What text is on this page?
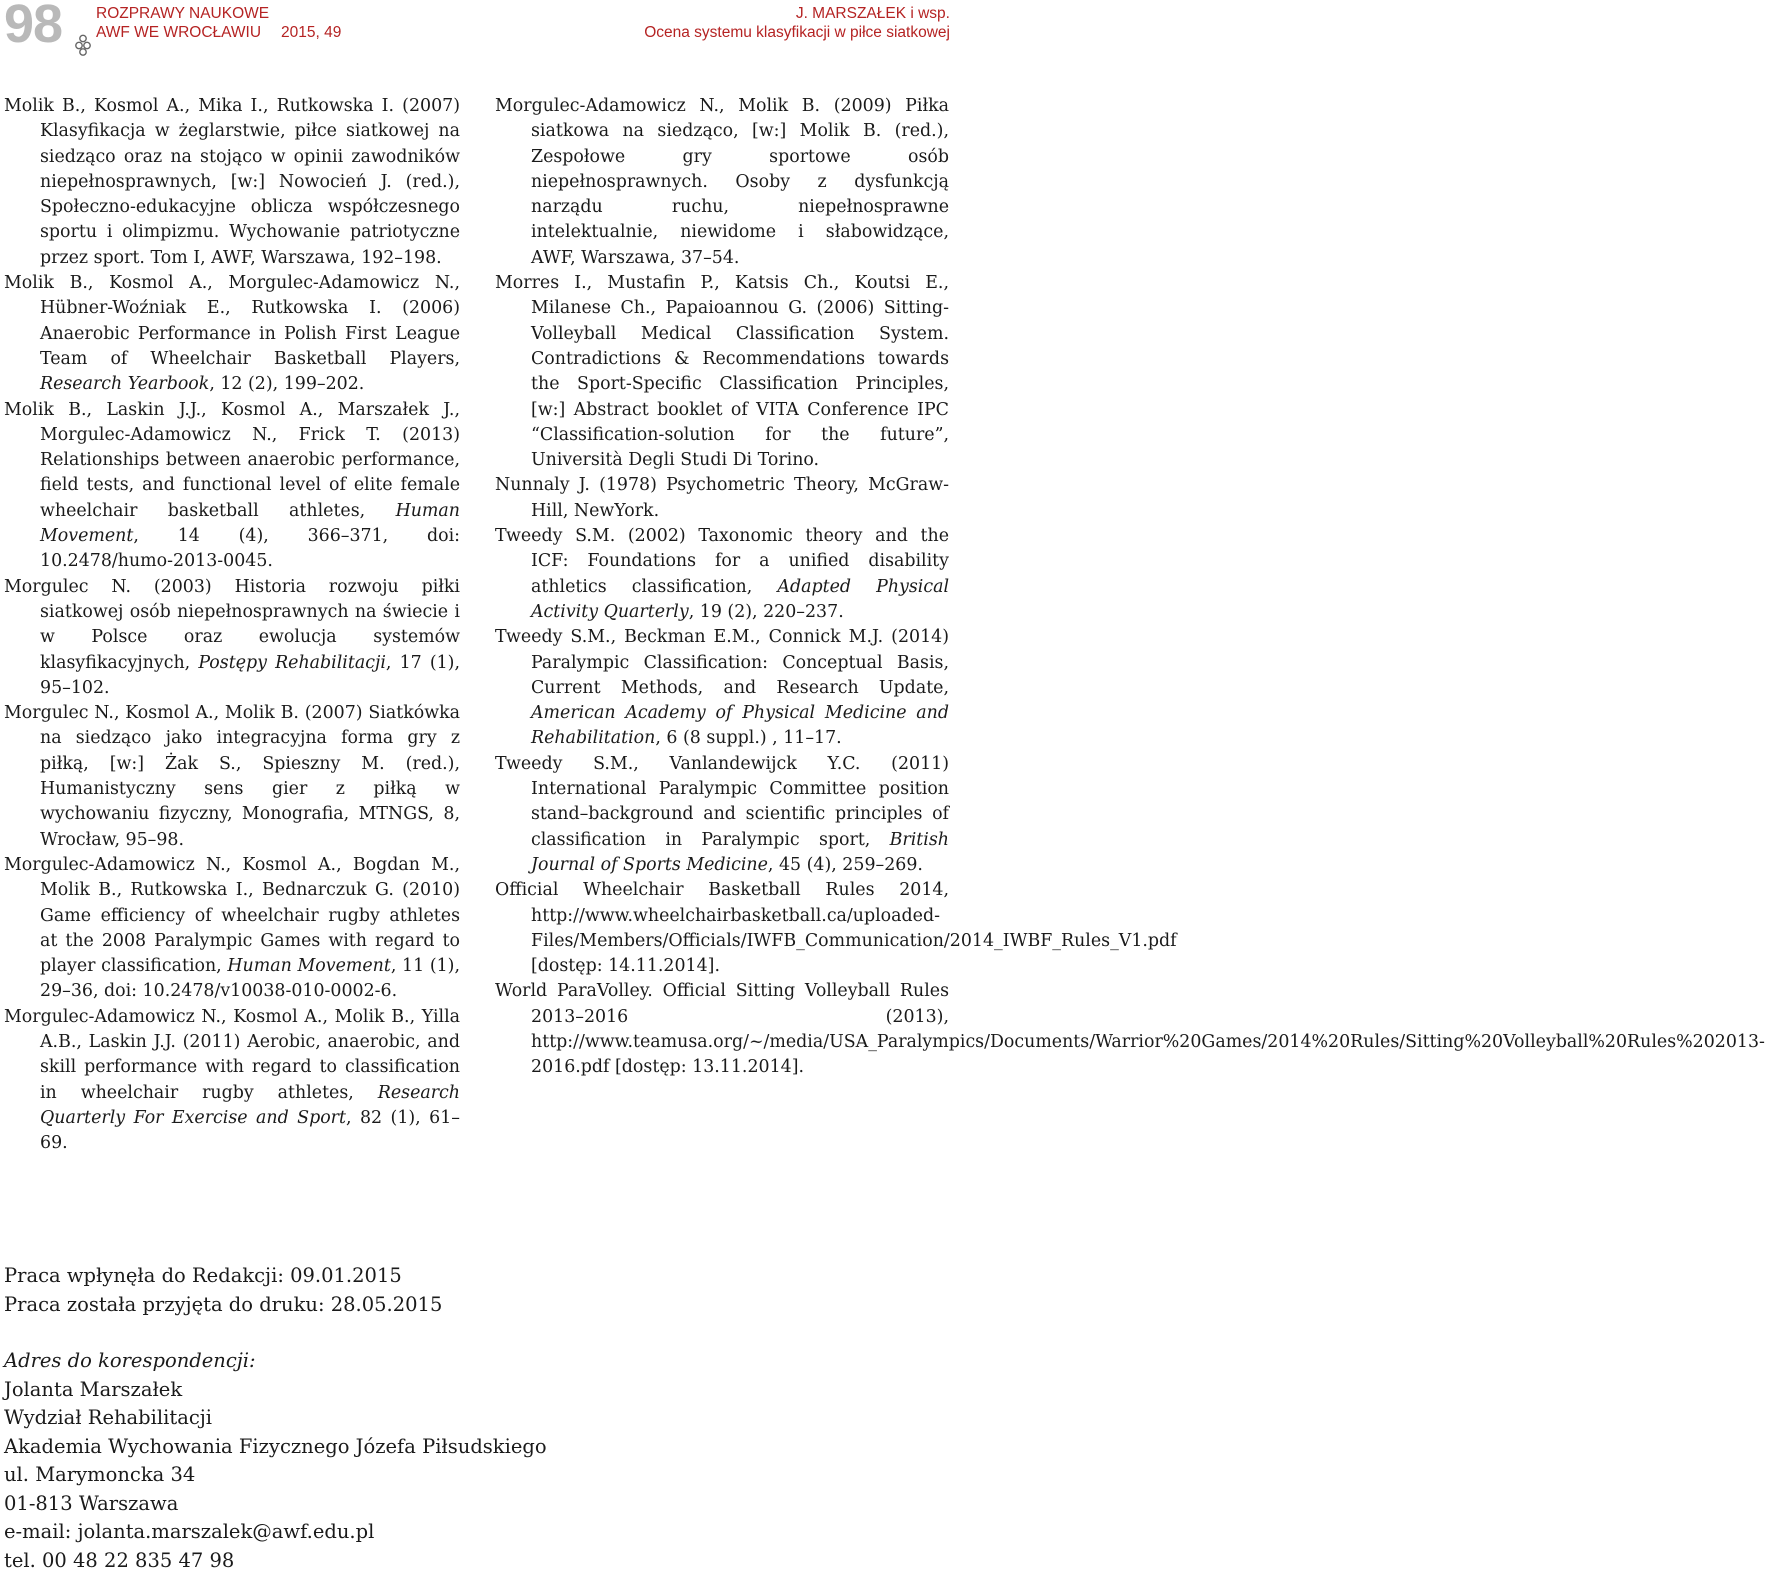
98 ROZPRAWY NAUKOWE
AWF WE WROCŁAWIU 2015, 49
J. MARSZAŁEK i wsp.
Ocena systemu klasyfikacji w piłce siatkowej

Molik B., Kosmol A., Mika I., Rutkowska I. (2007) Klasyfikacja w żeglarstwie, piłce siatkowej na siedząco oraz na stojąco w opinii zawodników niepełnosprawnych, [w:] Nowocień J. (red.), Społeczno-edukacyjne oblicza współczesnego sportu i olimpizmu. Wychowanie patriotyczne przez sport. Tom I, AWF, Warszawa, 192–198.

Molik B., Kosmol A., Morgulec-Adamowicz N., Hübner-Woźniak E., Rutkowska I. (2006) Anaerobic Performance in Polish First League Team of Wheelchair Basketball Players, Research Yearbook, 12 (2), 199–202.

Molik B., Laskin J.J., Kosmol A., Marszałek J., Morgulec-Adamowicz N., Frick T. (2013) Relationships between anaerobic performance, field tests, and functional level of elite female wheelchair basketball athletes, Human Movement, 14 (4), 366–371, doi: 10.2478/humo-2013-0045.

Morgulec N. (2003) Historia rozwoju piłki siatkowej osób niepełnosprawnych na świecie i w Polsce oraz ewolucja systemów klasyfikacyjnych, Postępy Rehabilitacji, 17 (1), 95–102.

Morgulec N., Kosmol A., Molik B. (2007) Siatkówka na siedząco jako integracyjna forma gry z piłką, [w:] Żak S., Spieszny M. (red.), Humanistyczny sens gier z piłką w wychowaniu fizyczny, Monografia, MTNGS, 8, Wrocław, 95–98.

Morgulec-Adamowicz N., Kosmol A., Bogdan M., Molik B., Rutkowska I., Bednarczuk G. (2010) Game efficiency of wheelchair rugby athletes at the 2008 Paralympic Games with regard to player classification, Human Movement, 11 (1), 29–36, doi: 10.2478/v10038-010-0002-6.

Morgulec-Adamowicz N., Kosmol A., Molik B., Yilla A.B., Laskin J.J. (2011) Aerobic, anaerobic, and skill performance with regard to classification in wheelchair rugby athletes, Research Quarterly For Exercise and Sport, 82 (1), 61–69.

Morgulec-Adamowicz N., Molik B. (2009) Piłka siatkowa na siedząco, [w:] Molik B. (red.), Zespołowe gry sportowe osób niepełnosprawnych. Osoby z dysfunkcją narządu ruchu, niepełnosprawne intelektualnie, niewidome i słabowidzące, AWF, Warszawa, 37–54.

Morres I., Mustafin P., Katsis Ch., Koutsi E., Milanese Ch., Papaioannou G. (2006) Sitting-Volleyball Medical Classification System. Contradictions & Recommendations towards the Sport-Specific Classification Principles, [w:] Abstract booklet of VITA Conference IPC “Classification-solution for the future”, Università Degli Studi Di Torino.

Nunnaly J. (1978) Psychometric Theory, McGraw-Hill, NewYork.

Tweedy S.M. (2002) Taxonomic theory and the ICF: Foundations for a unified disability athletics classification, Adapted Physical Activity Quarterly, 19 (2), 220–237.

Tweedy S.M., Beckman E.M., Connick M.J. (2014) Paralympic Classification: Conceptual Basis, Current Methods, and Research Update, American Academy of Physical Medicine and Rehabilitation, 6 (8 suppl.) , 11–17.

Tweedy S.M., Vanlandewijck Y.C. (2011) International Paralympic Committee position stand–background and scientific principles of classification in Paralympic sport, British Journal of Sports Medicine, 45 (4), 259–269.

Official Wheelchair Basketball Rules 2014, http://www.wheelchairbasketball.ca/uploaded-Files/Members/Officials/IWFB_Communication/2014_IWBF_Rules_V1.pdf [dostęp: 14.11.2014].

World ParaVolley. Official Sitting Volleyball Rules 2013–2016 (2013), http://www.teamusa.org/~/media/USA_Paralympics/Documents/Warrior%20Games/2014%20Rules/Sitting%20Volleyball%20Rules%202013-2016.pdf [dostęp: 13.11.2014].

Praca wpłynęła do Redakcji: 09.01.2015
Praca została przyjęta do druku: 28.05.2015
Adres do korespondencji:
Jolanta Marszałek
Wydział Rehabilitacji
Akademia Wychowania Fizycznego Józefa Piłsudskiego
ul. Marymoncka 34
01-813 Warszawa
e-mail: jolanta.marszalek@awf.edu.pl
tel. 00 48 22 835 47 98
